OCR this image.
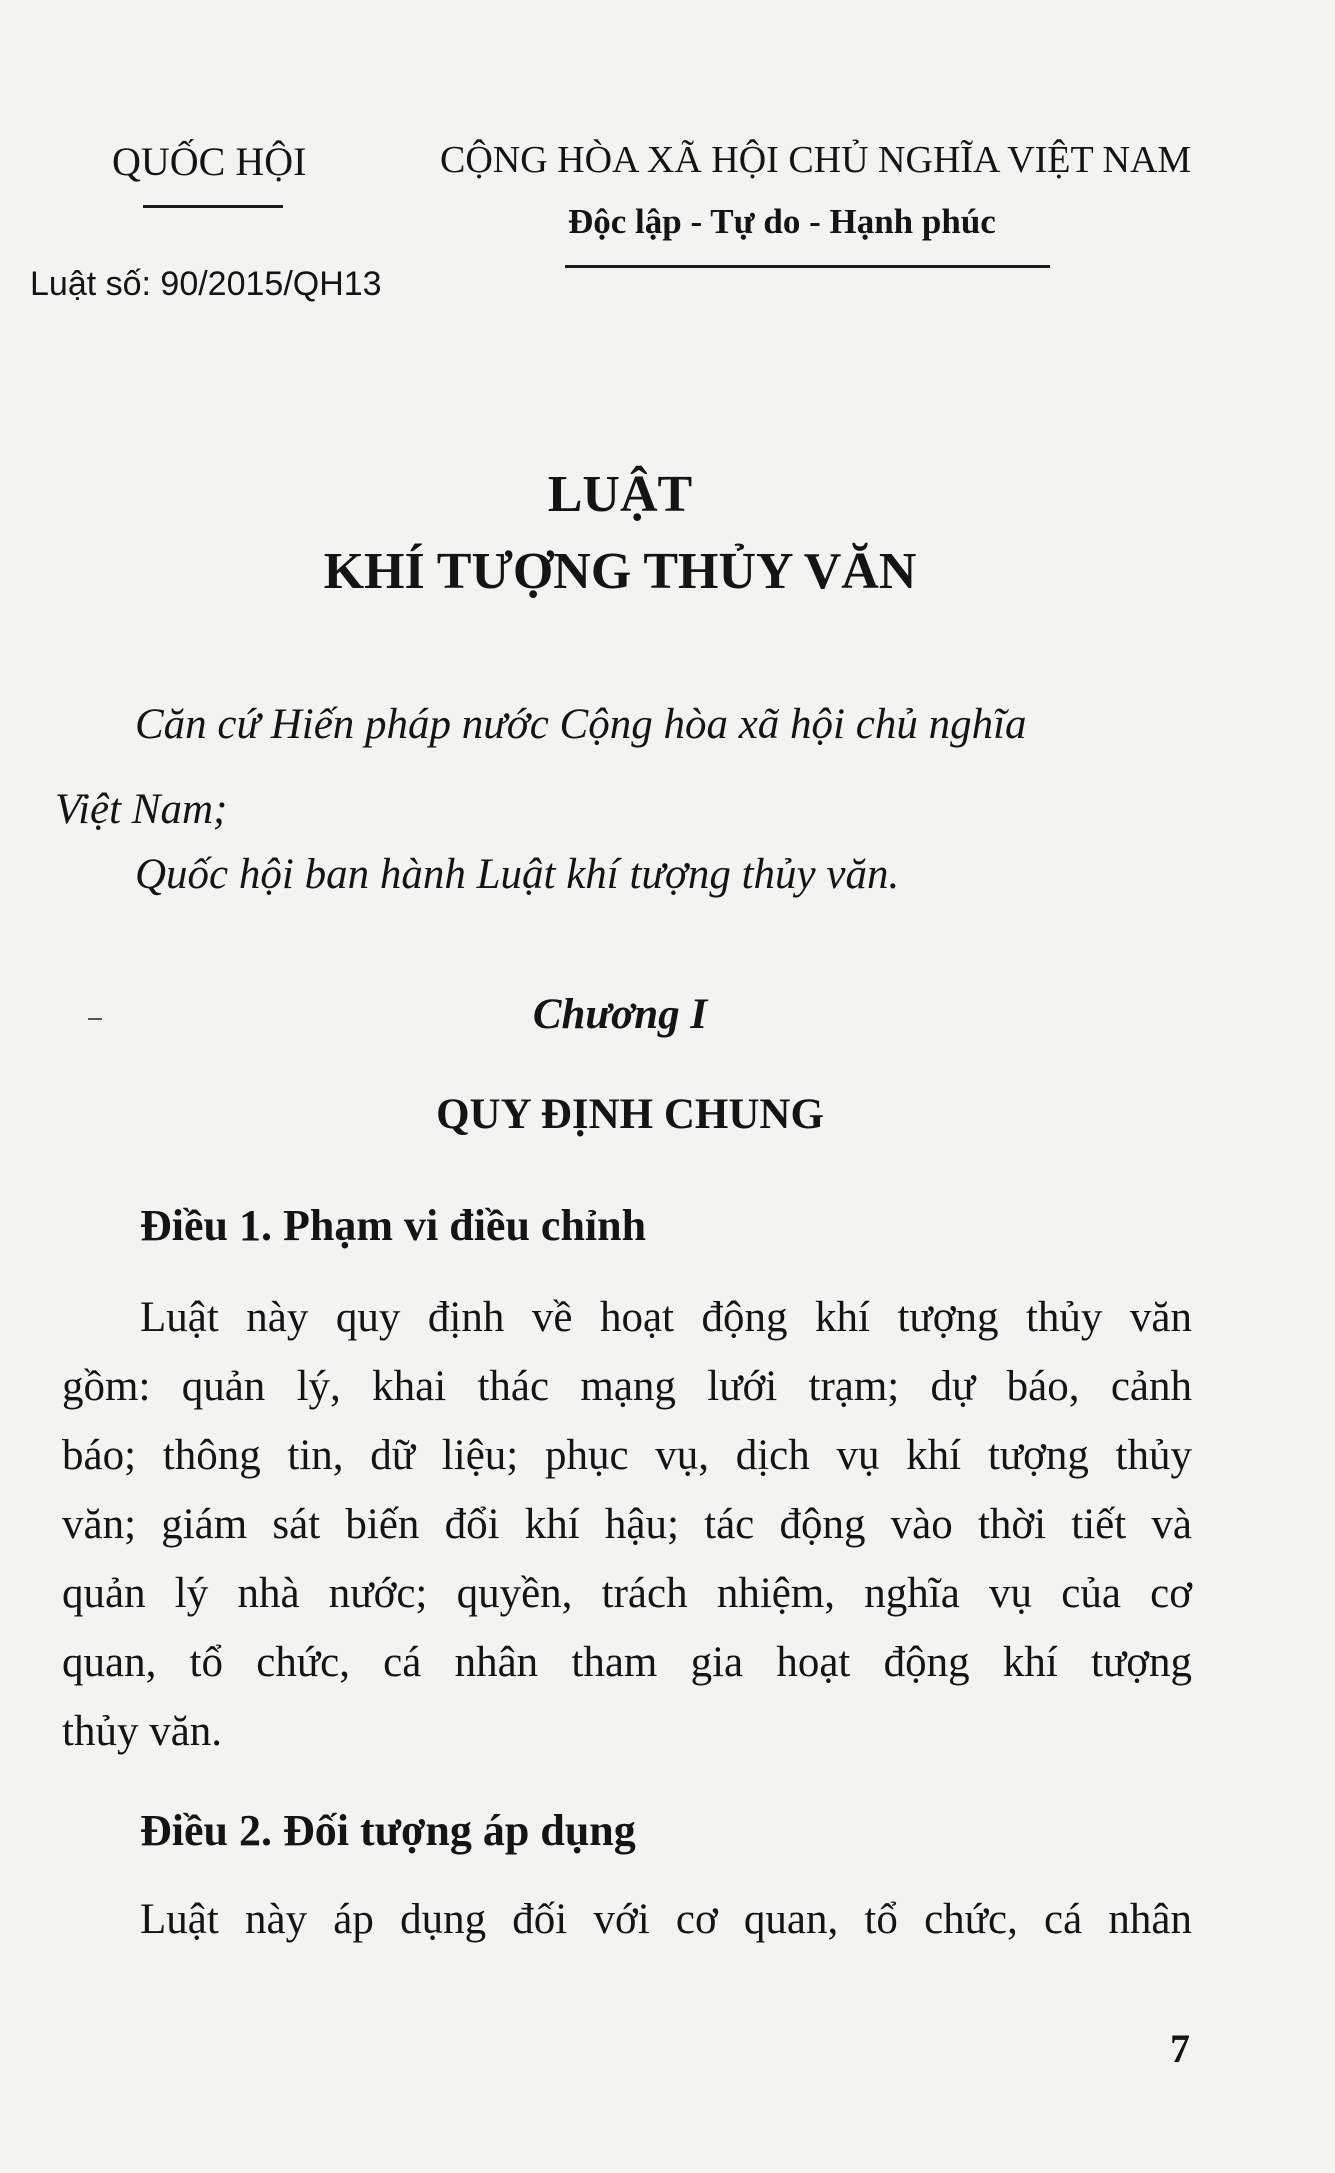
QUỐC HỘI
Luật số: 90/2015/QH13
CỘNG HÒA XÃ HỘI CHỦ NGHĨA VIỆT NAM
Độc lập - Tự do - Hạnh phúc
LUẬT
KHÍ TƯỢNG THỦY VĂN
Căn cứ Hiến pháp nước Cộng hòa xã hội chủ nghĩa
Việt Nam;
Quốc hội ban hành Luật khí tượng thủy văn.
Chương I
QUY ĐỊNH CHUNG
Điều 1. Phạm vi điều chỉnh
Luật này quy định về hoạt động khí tượng thủy văn
gồm: quản lý, khai thác mạng lưới trạm; dự báo, cảnh
báo; thông tin, dữ liệu; phục vụ, dịch vụ khí tượng thủy
văn; giám sát biến đổi khí hậu; tác động vào thời tiết và
quản lý nhà nước; quyền, trách nhiệm, nghĩa vụ của cơ
quan, tổ chức, cá nhân tham gia hoạt động khí tượng
thủy văn.
Điều 2. Đối tượng áp dụng
Luật này áp dụng đối với cơ quan, tổ chức, cá nhân
7
